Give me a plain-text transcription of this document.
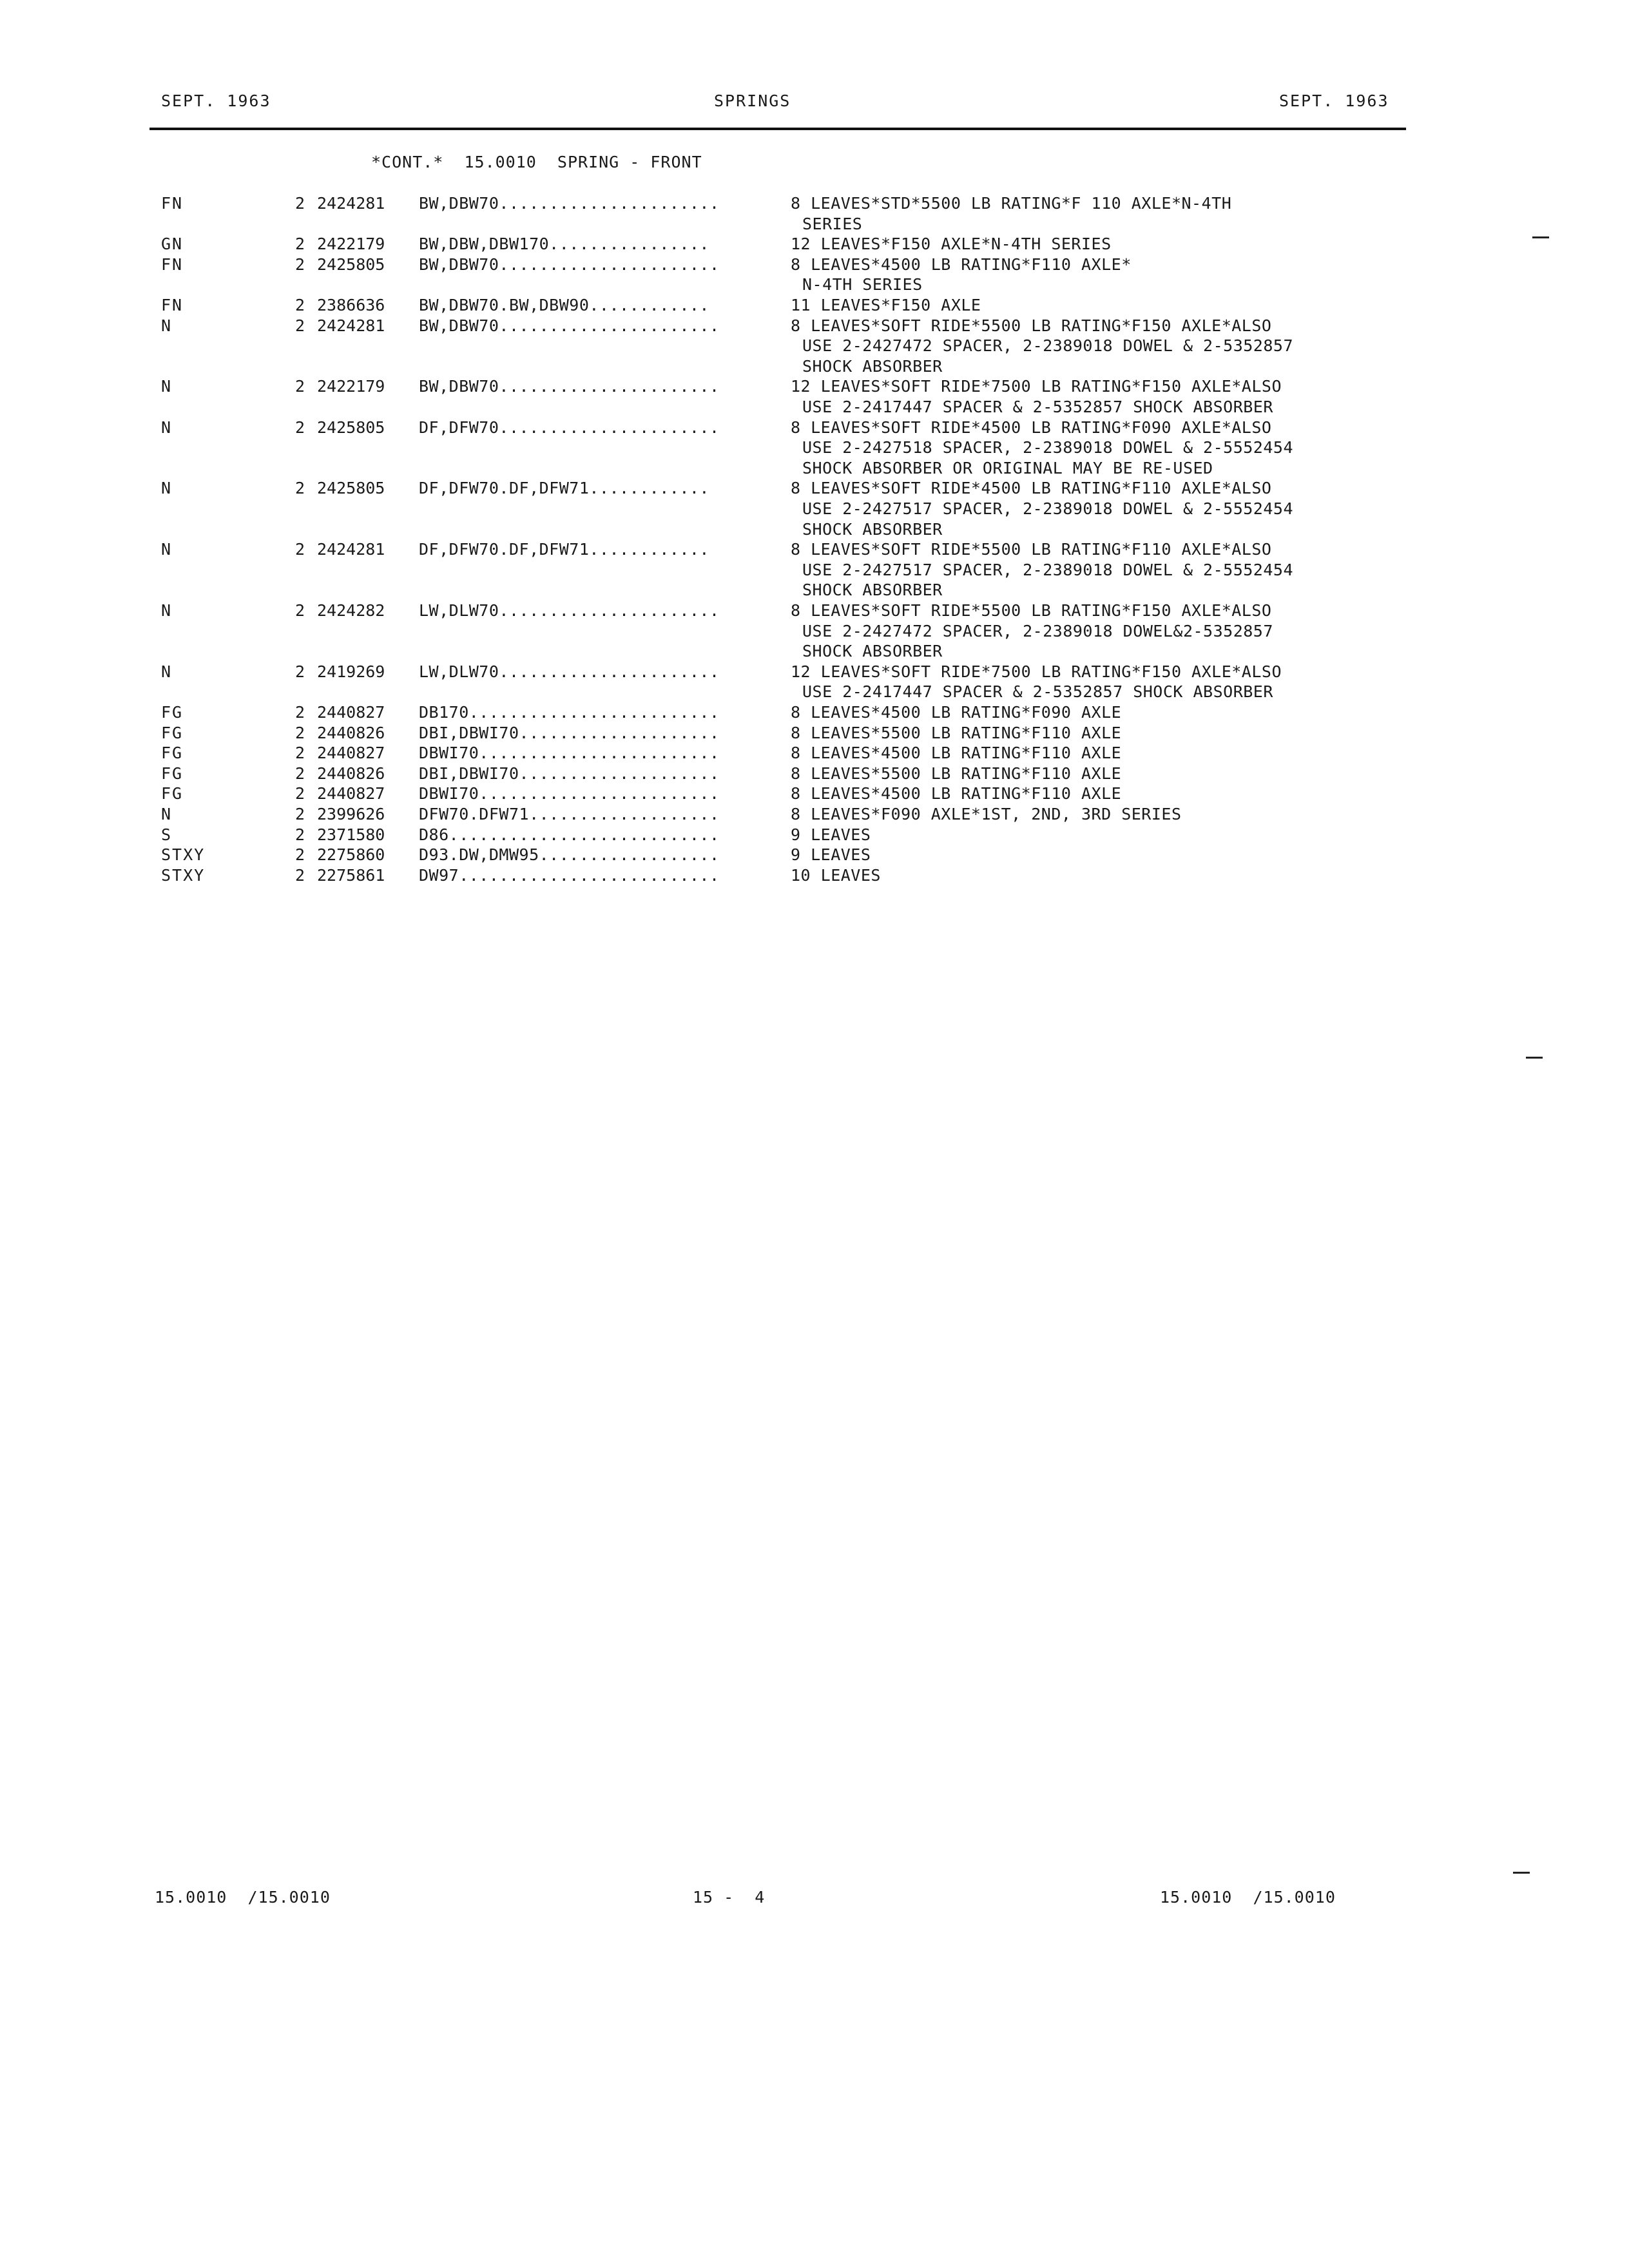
SEPT. 1963	SPRINGS	SEPT. 1963
*CONT.*  15.0010  SPRING - FRONT
FN	2 2424281 BW,DBW70......................	8 LEAVES*STD*5500 LB RATING*F 110 AXLE*N-4TH
SERIES
GN	2 2422179 BW,DBW,DBW170................	12 LEAVES*F150 AXLE*N-4TH SERIES
FN	2 2425805 BW,DBW70......................	8 LEAVES*4500 LB RATING*F110 AXLE*
N-4TH SERIES
FN	2 2386636 BW,DBW70.BW,DBW90............	11 LEAVES*F150 AXLE
N	2 2424281 BW,DBW70......................	8 LEAVES*SOFT RIDE*5500 LB RATING*F150 AXLE*ALSO
USE 2-2427472 SPACER, 2-2389018 DOWEL & 2-5352857
SHOCK ABSORBER
N	2 2422179 BW,DBW70......................	12 LEAVES*SOFT RIDE*7500 LB RATING*F150 AXLE*ALSO
USE 2-2417447 SPACER & 2-5352857 SHOCK ABSORBER
N	2 2425805 DF,DFW70......................	8 LEAVES*SOFT RIDE*4500 LB RATING*F090 AXLE*ALSO
USE 2-2427518 SPACER, 2-2389018 DOWEL & 2-5552454
SHOCK ABSORBER OR ORIGINAL MAY BE RE-USED
N	2 2425805 DF,DFW70.DF,DFW71............	8 LEAVES*SOFT RIDE*4500 LB RATING*F110 AXLE*ALSO
USE 2-2427517 SPACER, 2-2389018 DOWEL & 2-5552454
SHOCK ABSORBER
N	2 2424281 DF,DFW70.DF,DFW71............	8 LEAVES*SOFT RIDE*5500 LB RATING*F110 AXLE*ALSO
USE 2-2427517 SPACER, 2-2389018 DOWEL & 2-5552454
SHOCK ABSORBER
N	2 2424282 LW,DLW70......................	8 LEAVES*SOFT RIDE*5500 LB RATING*F150 AXLE*ALSO
USE 2-2427472 SPACER, 2-2389018 DOWEL&2-5352857
SHOCK ABSORBER
N	2 2419269 LW,DLW70......................	12 LEAVES*SOFT RIDE*7500 LB RATING*F150 AXLE*ALSO
USE 2-2417447 SPACER & 2-5352857 SHOCK ABSORBER
FG	2 2440827 DB170.........................	8 LEAVES*4500 LB RATING*F090 AXLE
FG	2 2440826 DBI,DBWI70....................	8 LEAVES*5500 LB RATING*F110 AXLE
FG	2 2440827 DBWI70........................	8 LEAVES*4500 LB RATING*F110 AXLE
FG	2 2440826 DBI,DBWI70....................	8 LEAVES*5500 LB RATING*F110 AXLE
FG	2 2440827 DBWI70........................	8 LEAVES*4500 LB RATING*F110 AXLE
N	2 2399626 DFW70.DFW71...................	8 LEAVES*F090 AXLE*1ST, 2ND, 3RD SERIES
S	2 2371580 D86...........................	9 LEAVES
STXY	2 2275860 D93.DW,DMW95..................	9 LEAVES
STXY	2 2275861 DW97..........................	10 LEAVES
15.0010  /15.0010	15 -  4	15.0010  /15.0010
